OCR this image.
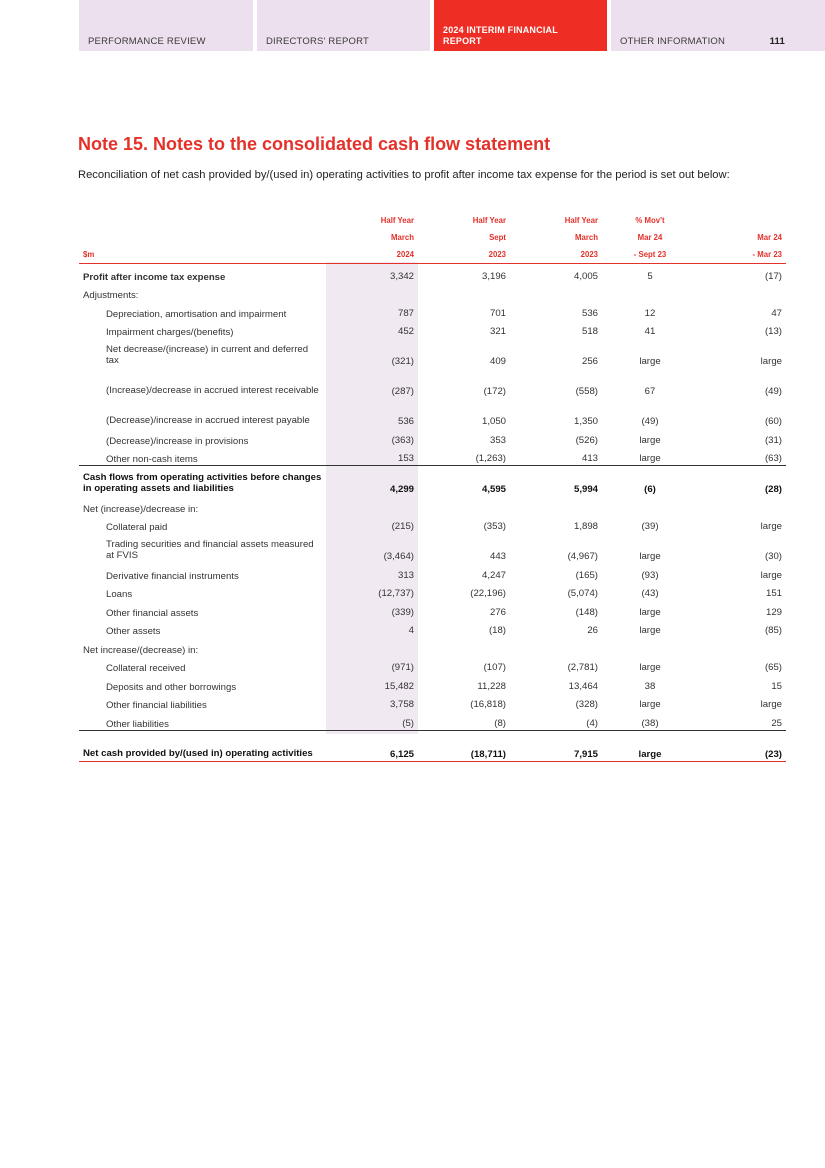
PERFORMANCE REVIEW	DIRECTORS' REPORT
2024 INTERIM FINANCIAL REPORT	OTHER INFORMATION	111
Note 15. Notes to the consolidated cash flow statement

Reconciliation of net cash provided by/(used in) operating activities to profit after income tax expense for the period is set out below:

	Half Year	Half Year	Half Year	% Mov't	
	March	Sept	March	Mar 24	Mar 24
$m	2024	2023	2023	- Sept 23	- Mar 23
Profit after income tax expense	3,342	3,196	4,005	5	(17)
Adjustments:					
Depreciation, amortisation and impairment	787	701	536	12	47
Impairment charges/(benefits)	452	321	518	41	(13)
Net decrease/(increase) in current and deferred tax	(321)	409	256	large	large
(Increase)/decrease in accrued interest receivable	(287)	(172)	(558)	67	(49)
(Decrease)/increase in accrued interest payable	536	1,050	1,350	(49)	(60)
(Decrease)/increase in provisions	(363)	353	(526)	large	(31)
Other non-cash items	153	(1,263)	413	large	(63)
Cash flows from operating activities before changes in operating assets and liabilities	4,299	4,595	5,994	(6)	(28)
Net (increase)/decrease in:					
Collateral paid	(215)	(353)	1,898	(39)	large
Trading securities and financial assets measured at FVIS	(3,464)	443	(4,967)	large	(30)
Derivative financial instruments	313	4,247	(165)	(93)	large
Loans	(12,737)	(22,196)	(5,074)	(43)	151
Other financial assets	(339)	276	(148)	large	129
Other assets	4	(18)	26	large	(85)
Net increase/(decrease) in:					
Collateral received	(971)	(107)	(2,781)	large	(65)
Deposits and other borrowings	15,482	11,228	13,464	38	15
Other financial liabilities	3,758	(16,818)	(328)	large	large
Other liabilities	(5)	(8)	(4)	(38)	25
Net cash provided by/(used in) operating activities	6,125	(18,711)	7,915	large	(23)
